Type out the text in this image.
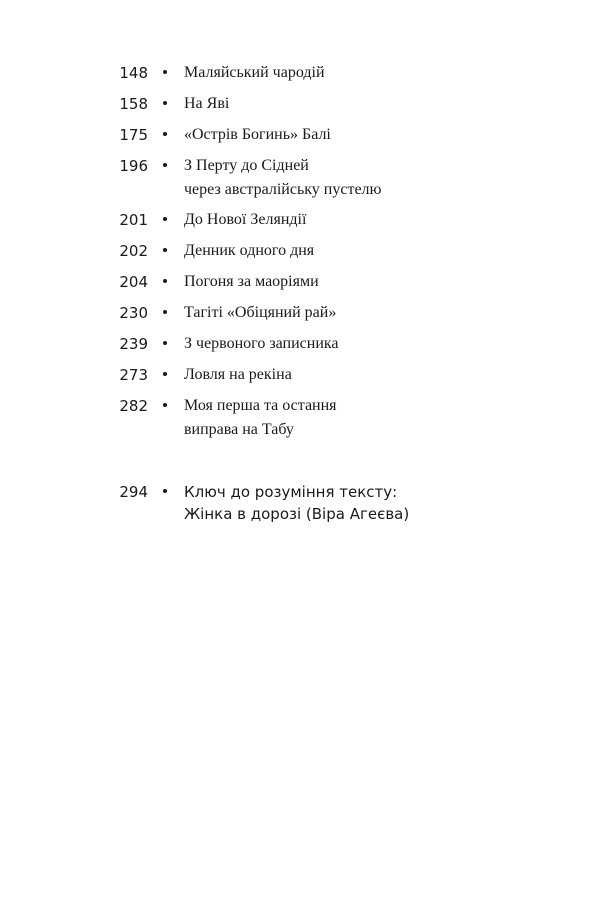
148 Маляйський чародій
158 На Яві
175 «Острів Богинь» Балі
196 З Перту до Сідней
через австралійську пустелю
201 До Нової Зеляндії
202 Денник одного дня
204 Погоня за маоріями
230 Тагіті «Обіцяний рай»
239 З червоного записника
273 Ловля на рекіна
282 Моя перша та остання
виправа на Табу
294 Ключ до розуміння тексту:
Жінка в дорозі (Віра Агеєва)
